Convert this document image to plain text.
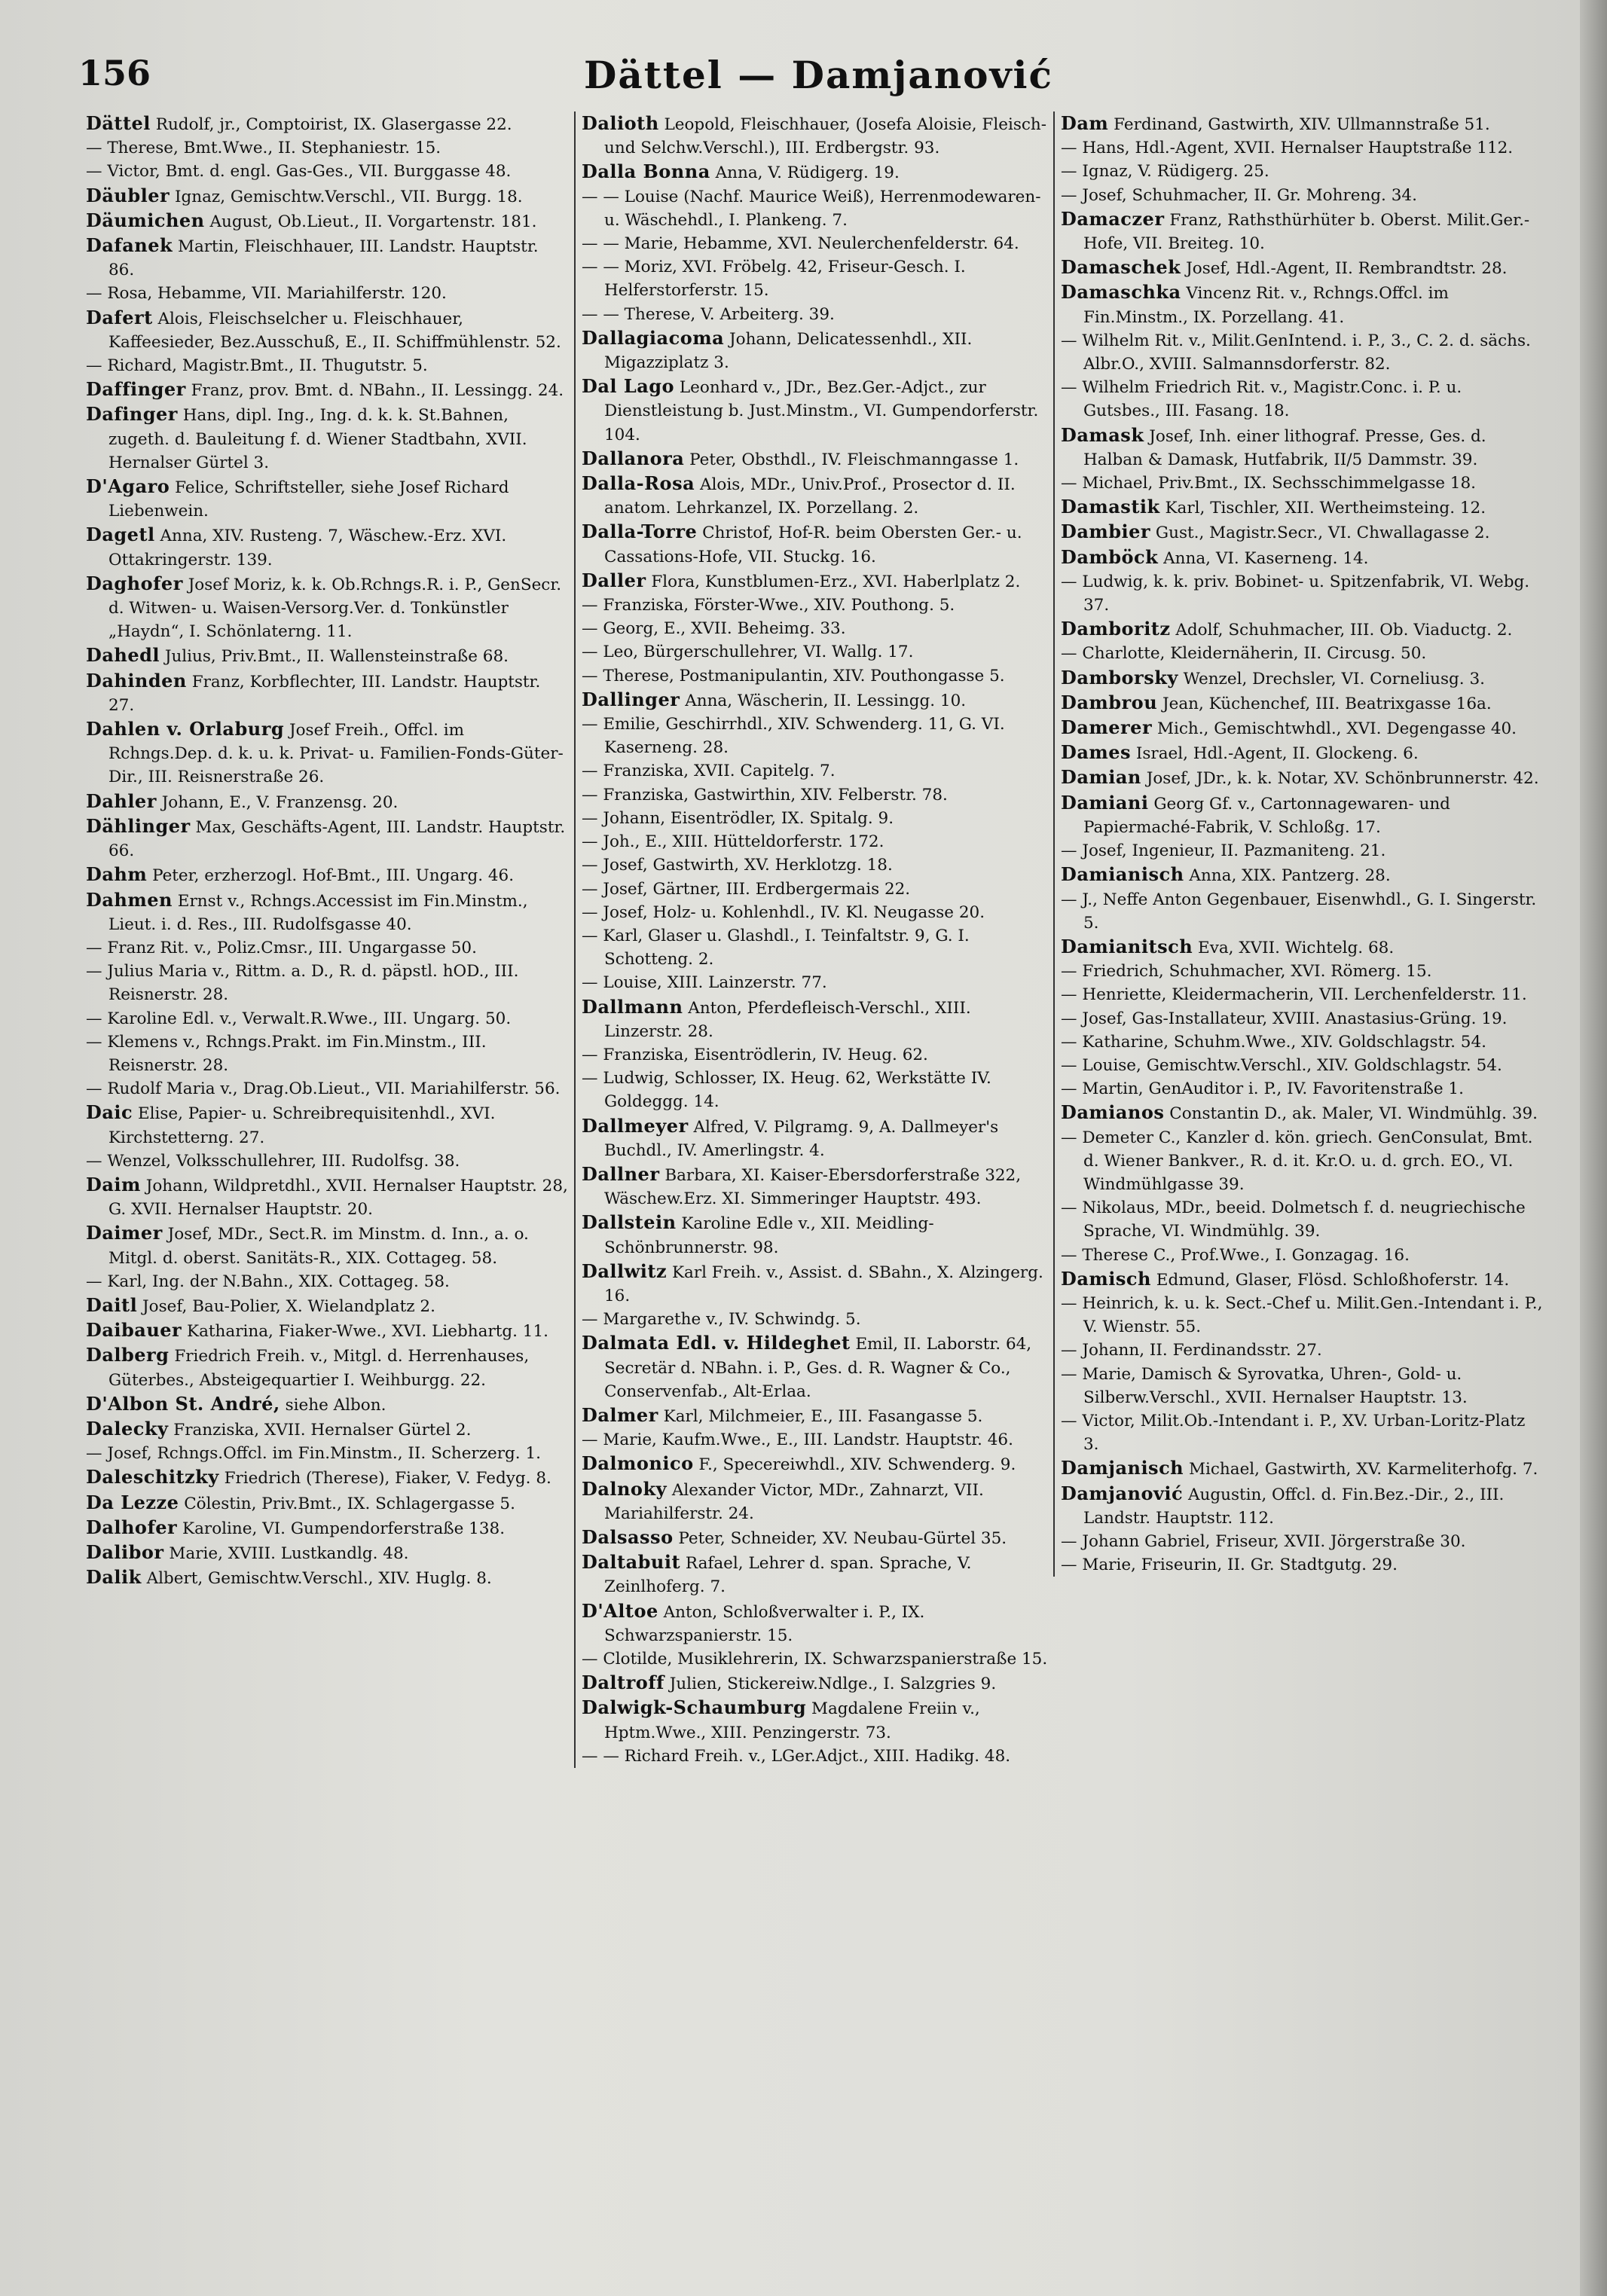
156	Dättel — Damjanović

Dättel Rudolf, jr., Comptoirist, IX. Glasergasse 22.

— Therese, Bmt.Wwe., II. Stephaniestr. 15.

— Victor, Bmt. d. engl. Gas-Ges., VII. Burggasse 48.

Däubler Ignaz, Gemischtw.Verschl., VII. Burgg. 18.

Däumichen August, Ob.Lieut., II. Vorgartenstr. 181.

Dafanek Martin, Fleischhauer, III. Landstr. Hauptstr. 86.

— Rosa, Hebamme, VII. Mariahilferstr. 120.

Dafert Alois, Fleischselcher u. Fleischhauer, Kaffeesieder, Bez.Ausschuß, E., II. Schiffmühlenstr. 52.

— Richard, Magistr.Bmt., II. Thugutstr. 5.

Daffinger Franz, prov. Bmt. d. NBahn., II. Lessingg. 24.

Dafinger Hans, dipl. Ing., Ing. d. k. k. St.Bahnen, zugeth. d. Bauleitung f. d. Wiener Stadtbahn, XVII. Hernalser Gürtel 3.

D'Agaro Felice, Schriftsteller, siehe Josef Richard Liebenwein.

Dagetl Anna, XIV. Rusteng. 7, Wäschew.-Erz. XVI. Ottakringerstr. 139.

Daghofer Josef Moriz, k. k. Ob.Rchngs.R. i. P., GenSecr. d. Witwen- u. Waisen-Versorg.Ver. d. Tonkünstler „Haydn“, I. Schönlaterng. 11.

Dahedl Julius, Priv.Bmt., II. Wallensteinstraße 68.

Dahinden Franz, Korbflechter, III. Landstr. Hauptstr. 27.

Dahlen v. Orlaburg Josef Freih., Offcl. im Rchngs.Dep. d. k. u. k. Privat- u. Familien-Fonds-Güter-Dir., III. Reisnerstraße 26.

Dahler Johann, E., V. Franzensg. 20.

Dählinger Max, Geschäfts-Agent, III. Landstr. Hauptstr. 66.

Dahm Peter, erzherzogl. Hof-Bmt., III. Ungarg. 46.

Dahmen Ernst v., Rchngs.Accessist im Fin.Minstm., Lieut. i. d. Res., III. Rudolfsgasse 40.

— Franz Rit. v., Poliz.Cmsr., III. Ungargasse 50.

— Julius Maria v., Rittm. a. D., R. d. päpstl. hOD., III. Reisnerstr. 28.

— Karoline Edl. v., Verwalt.R.Wwe., III. Ungarg. 50.

— Klemens v., Rchngs.Prakt. im Fin.Minstm., III. Reisnerstr. 28.

— Rudolf Maria v., Drag.Ob.Lieut., VII. Mariahilferstr. 56.

Daic Elise, Papier- u. Schreibrequisitenhdl., XVI. Kirchstetterng. 27.

— Wenzel, Volksschullehrer, III. Rudolfsg. 38.

Daim Johann, Wildpretdhl., XVII. Hernalser Hauptstr. 28, G. XVII. Hernalser Hauptstr. 20.

Daimer Josef, MDr., Sect.R. im Minstm. d. Inn., a. o. Mitgl. d. oberst. Sanitäts-R., XIX. Cottageg. 58.

— Karl, Ing. der N.Bahn., XIX. Cottageg. 58.

Daitl Josef, Bau-Polier, X. Wielandplatz 2.

Daibauer Katharina, Fiaker-Wwe., XVI. Liebhartg. 11.

Dalberg Friedrich Freih. v., Mitgl. d. Herrenhauses, Güterbes., Absteigequartier I. Weihburgg. 22.

D'Albon St. André, siehe Albon.

Dalecky Franziska, XVII. Hernalser Gürtel 2.

— Josef, Rchngs.Offcl. im Fin.Minstm., II. Scherzerg. 1.

Daleschitzky Friedrich (Therese), Fiaker, V. Fedyg. 8.

Da Lezze Cölestin, Priv.Bmt., IX. Schlagergasse 5.

Dalhofer Karoline, VI. Gumpendorferstraße 138.

Dalibor Marie, XVIII. Lustkandlg. 48.

Dalik Albert, Gemischtw.Verschl., XIV. Huglg. 8.

Dalioth Leopold, Fleischhauer, (Josefa Aloisie, Fleisch- und Selchw.Verschl.), III. Erdbergstr. 93.

Dalla Bonna Anna, V. Rüdigerg. 19.

— — Louise (Nachf. Maurice Weiß), Herrenmodewaren- u. Wäschehdl., I. Plankeng. 7.

— — Marie, Hebamme, XVI. Neulerchenfelderstr. 64.

— — Moriz, XVI. Fröbelg. 42, Friseur-Gesch. I. Helferstorferstr. 15.

— — Therese, V. Arbeiterg. 39.

Dallagiacoma Johann, Delicatessenhdl., XII. Migazziplatz 3.

Dal Lago Leonhard v., JDr., Bez.Ger.-Adjct., zur Dienstleistung b. Just.Minstm., VI. Gumpendorferstr. 104.

Dallanora Peter, Obsthdl., IV. Fleischmanngasse 1.

Dalla-Rosa Alois, MDr., Univ.Prof., Prosector d. II. anatom. Lehrkanzel, IX. Porzellang. 2.

Dalla-Torre Christof, Hof-R. beim Obersten Ger.- u. Cassations-Hofe, VII. Stuckg. 16.

Daller Flora, Kunstblumen-Erz., XVI. Haberlplatz 2.

— Franziska, Förster-Wwe., XIV. Pouthong. 5.

— Georg, E., XVII. Beheimg. 33.

— Leo, Bürgerschullehrer, VI. Wallg. 17.

— Therese, Postmanipulantin, XIV. Pouthongasse 5.

Dallinger Anna, Wäscherin, II. Lessingg. 10.

— Emilie, Geschirrhdl., XIV. Schwenderg. 11, G. VI. Kaserneng. 28.

— Franziska, XVII. Capitelg. 7.

— Franziska, Gastwirthin, XIV. Felberstr. 78.

— Johann, Eisentrödler, IX. Spitalg. 9.

— Joh., E., XIII. Hütteldorferstr. 172.

— Josef, Gastwirth, XV. Herklotzg. 18.

— Josef, Gärtner, III. Erdbergermais 22.

— Josef, Holz- u. Kohlenhdl., IV. Kl. Neugasse 20.

— Karl, Glaser u. Glashdl., I. Teinfaltstr. 9, G. I. Schotteng. 2.

— Louise, XIII. Lainzerstr. 77.

Dallmann Anton, Pferdefleisch-Verschl., XIII. Linzerstr. 28.

— Franziska, Eisentrödlerin, IV. Heug. 62.

— Ludwig, Schlosser, IX. Heug. 62, Werkstätte IV. Goldeggg. 14.

Dallmeyer Alfred, V. Pilgramg. 9, A. Dallmeyer's Buchdl., IV. Amerlingstr. 4.

Dallner Barbara, XI. Kaiser-Ebersdorferstraße 322, Wäschew.Erz. XI. Simmeringer Hauptstr. 493.

Dallstein Karoline Edle v., XII. Meidling-Schönbrunnerstr. 98.

Dallwitz Karl Freih. v., Assist. d. SBahn., X. Alzingerg. 16.

— Margarethe v., IV. Schwindg. 5.

Dalmata Edl. v. Hildeghet Emil, II. Laborstr. 64, Secretär d. NBahn. i. P., Ges. d. R. Wagner & Co., Conservenfab., Alt-Erlaa.

Dalmer Karl, Milchmeier, E., III. Fasangasse 5.

— Marie, Kaufm.Wwe., E., III. Landstr. Hauptstr. 46.

Dalmonico F., Specereiwhdl., XIV. Schwenderg. 9.

Dalnoky Alexander Victor, MDr., Zahnarzt, VII. Mariahilferstr. 24.

Dalsasso Peter, Schneider, XV. Neubau-Gürtel 35.

Daltabuit Rafael, Lehrer d. span. Sprache, V. Zeinlhoferg. 7.

D'Altoe Anton, Schloßverwalter i. P., IX. Schwarzspanierstr. 15.

— Clotilde, Musiklehrerin, IX. Schwarzspanierstraße 15.

Daltroff Julien, Stickereiw.Ndlge., I. Salzgries 9.

Dalwigk-Schaumburg Magdalene Freiin v., Hptm.Wwe., XIII. Penzingerstr. 73.

— — Richard Freih. v., LGer.Adjct., XIII. Hadikg. 48.

Dam Ferdinand, Gastwirth, XIV. Ullmannstraße 51.

— Hans, Hdl.-Agent, XVII. Hernalser Hauptstraße 112.

— Ignaz, V. Rüdigerg. 25.

— Josef, Schuhmacher, II. Gr. Mohreng. 34.

Damaczer Franz, Rathsthürhüter b. Oberst. Milit.Ger.-Hofe, VII. Breiteg. 10.

Damaschek Josef, Hdl.-Agent, II. Rembrandtstr. 28.

Damaschka Vincenz Rit. v., Rchngs.Offcl. im Fin.Minstm., IX. Porzellang. 41.

— Wilhelm Rit. v., Milit.GenIntend. i. P., 3., C. 2. d. sächs. Albr.O., XVIII. Salmannsdorferstr. 82.

— Wilhelm Friedrich Rit. v., Magistr.Conc. i. P. u. Gutsbes., III. Fasang. 18.

Damask Josef, Inh. einer lithograf. Presse, Ges. d. Halban & Damask, Hutfabrik, II/5 Dammstr. 39.

— Michael, Priv.Bmt., IX. Sechsschimmelgasse 18.

Damastik Karl, Tischler, XII. Wertheimsteing. 12.

Dambier Gust., Magistr.Secr., VI. Chwallagasse 2.

Damböck Anna, VI. Kaserneng. 14.

— Ludwig, k. k. priv. Bobinet- u. Spitzenfabrik, VI. Webg. 37.

Damboritz Adolf, Schuhmacher, III. Ob. Viaductg. 2.

— Charlotte, Kleidernäherin, II. Circusg. 50.

Damborsky Wenzel, Drechsler, VI. Corneliusg. 3.

Dambrou Jean, Küchenchef, III. Beatrixgasse 16a.

Damerer Mich., Gemischtwhdl., XVI. Degengasse 40.

Dames Israel, Hdl.-Agent, II. Glockeng. 6.

Damian Josef, JDr., k. k. Notar, XV. Schönbrunnerstr. 42.

Damiani Georg Gf. v., Cartonnagewaren- und Papiermaché-Fabrik, V. Schloßg. 17.

— Josef, Ingenieur, II. Pazmaniteng. 21.

Damianisch Anna, XIX. Pantzerg. 28.

— J., Neffe Anton Gegenbauer, Eisenwhdl., G. I. Singerstr. 5.

Damianitsch Eva, XVII. Wichtelg. 68.

— Friedrich, Schuhmacher, XVI. Römerg. 15.

— Henriette, Kleidermacherin, VII. Lerchenfelderstr. 11.

— Josef, Gas-Installateur, XVIII. Anastasius-Grüng. 19.

— Katharine, Schuhm.Wwe., XIV. Goldschlagstr. 54.

— Louise, Gemischtw.Verschl., XIV. Goldschlagstr. 54.

— Martin, GenAuditor i. P., IV. Favoritenstraße 1.

Damianos Constantin D., ak. Maler, VI. Windmühlg. 39.

— Demeter C., Kanzler d. kön. griech. GenConsulat, Bmt. d. Wiener Bankver., R. d. it. Kr.O. u. d. grch. EO., VI. Windmühlgasse 39.

— Nikolaus, MDr., beeid. Dolmetsch f. d. neugriechische Sprache, VI. Windmühlg. 39.

— Therese C., Prof.Wwe., I. Gonzagag. 16.

Damisch Edmund, Glaser, Flösd. Schloßhoferstr. 14.

— Heinrich, k. u. k. Sect.-Chef u. Milit.Gen.-Intendant i. P., V. Wienstr. 55.

— Johann, II. Ferdinandsstr. 27.

— Marie, Damisch & Syrovatka, Uhren-, Gold- u. Silberw.Verschl., XVII. Hernalser Hauptstr. 13.

— Victor, Milit.Ob.-Intendant i. P., XV. Urban-Loritz-Platz 3.

Damjanisch Michael, Gastwirth, XV. Karmeliterhofg. 7.

Damjanović Augustin, Offcl. d. Fin.Bez.-Dir., 2., III. Landstr. Hauptstr. 112.

— Johann Gabriel, Friseur, XVII. Jörgerstraße 30.

— Marie, Friseurin, II. Gr. Stadtgutg. 29.
